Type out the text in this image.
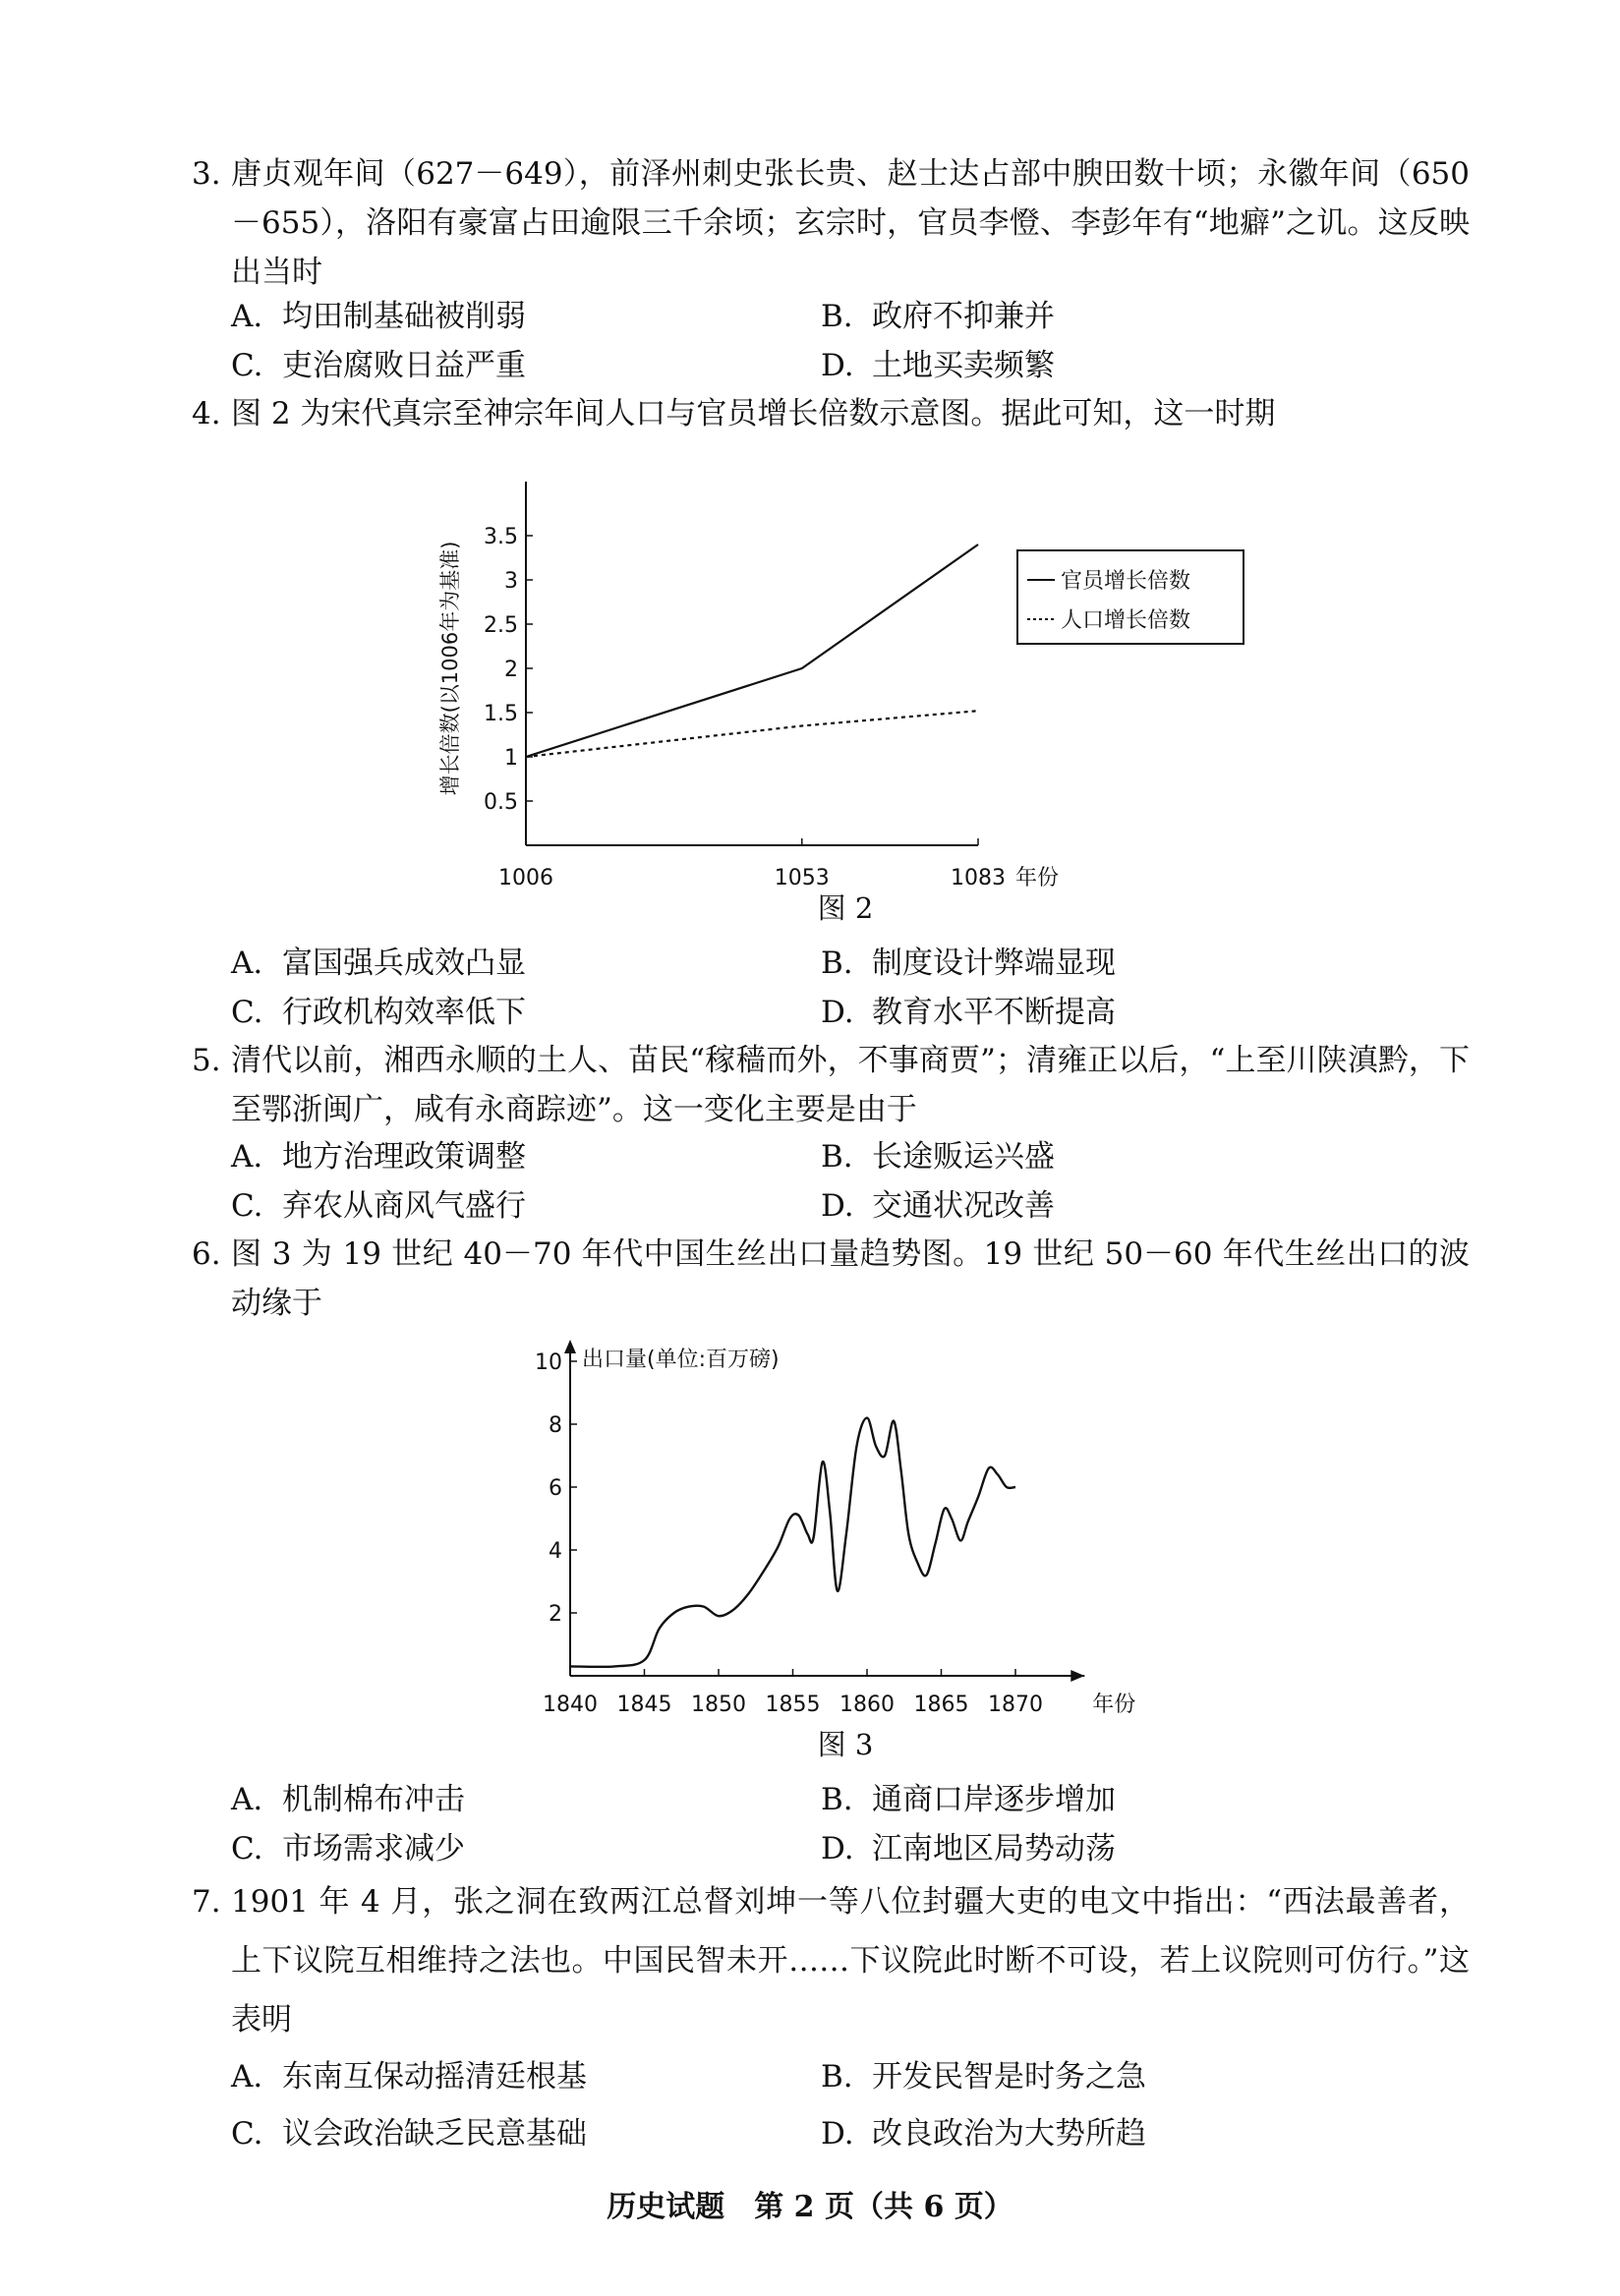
3. 唐贞观年间（627－649），前泽州刺史张长贵、赵士达占部中腴田数十顷；永徽年间（650－655），洛阳有豪富占田逾限三千余顷；玄宗时，官员李憕、李彭年有“地癖”之讥。这反映出当时
A. 均田制基础被削弱	B. 政府不抑兼并
C. 吏治腐败日益严重	D. 土地买卖频繁
4. 图 2 为宋代真宗至神宗年间人口与官员增长倍数示意图。据此可知，这一时期
0.5
1
1.5
2
2.5
3
3.5
1006	1053	1083 年份
增长倍数(以1006年为基准)	官员增长倍数
人口增长倍数
图 2
A. 富国强兵成效凸显	B. 制度设计弊端显现
C. 行政机构效率低下	D. 教育水平不断提高
5. 清代以前，湘西永顺的土人、苗民“稼穑而外，不事商贾”；清雍正以后，“上至川陕滇黔，下至鄂浙闽广，咸有永商踪迹”。这一变化主要是由于
A. 地方治理政策调整	B. 长途贩运兴盛
C. 弃农从商风气盛行	D. 交通状况改善
6. 图 3 为 19 世纪 40－70 年代中国生丝出口量趋势图。19 世纪 50－60 年代生丝出口的波动缘于
2
4
6
8
10
1840 1845 1850 1855 1860 1865 1870 年份
出口量(单位:百万磅)
图 3
A. 机制棉布冲击	B. 通商口岸逐步增加
C. 市场需求减少	D. 江南地区局势动荡
7. 1901 年 4 月，张之洞在致两江总督刘坤一等八位封疆大吏的电文中指出：“西法最善者，上下议院互相维持之法也。中国民智未开……下议院此时断不可设，若上议院则可仿行。”这表明
A. 东南互保动摇清廷根基	B. 开发民智是时务之急
C. 议会政治缺乏民意基础	D. 改良政治为大势所趋
历史试题　第 2 页（共 6 页）
